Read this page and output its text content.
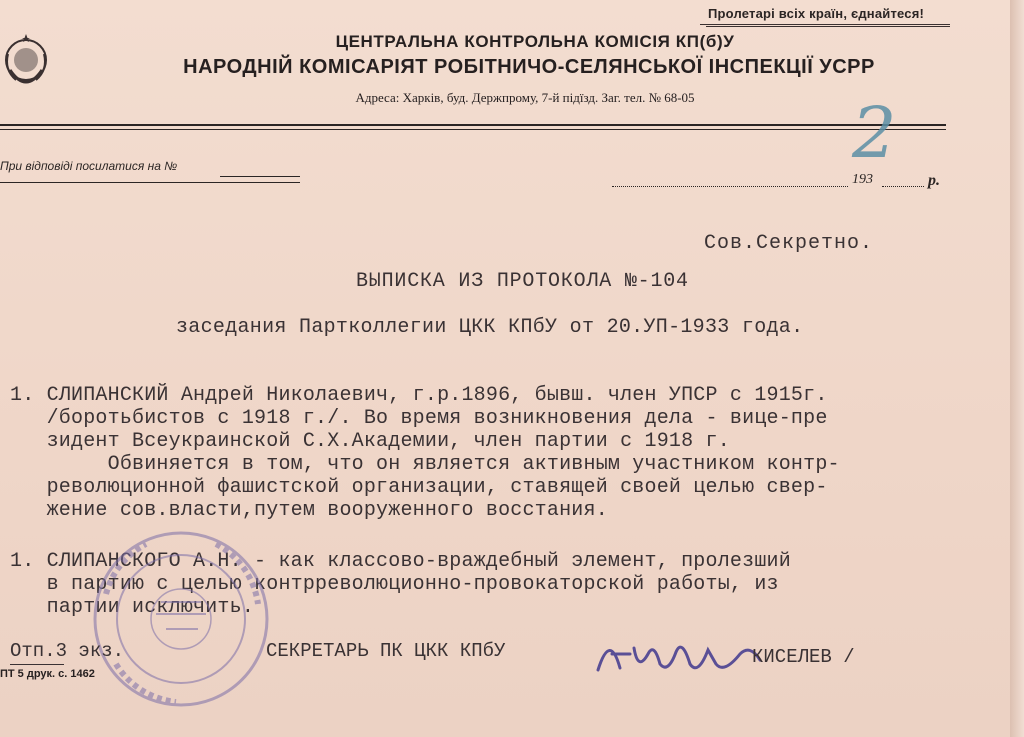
Пролетарі всіх країн, єднайтеся!
ЦЕНТРАЛЬНА КОНТРОЛЬНА КОМІСІЯ КП(б)У
НАРОДНІЙ КОМІСАРІЯТ РОБІТНИЧО-СЕЛЯНСЬКОЇ ІНСПЕКЦІЇ УСРР
Адреса: Харків, буд. Держпрому, 7-й підїзд. Заг. тел. № 68-05	2
При відповіді посилатися на №
193	р.
Сов.Секретно.
ВЫПИСКА ИЗ ПРОТОКОЛА №-104
заседания Партколлегии ЦКК КПбУ от 20.УП-1933 года.
1. СЛИПАНСКИЙ Андрей Николаевич, г.р.1896, бывш. член УПСР с 1915г.
/боротьбистов с 1918 г./. Во время возникновения дела - вице-пре
зидент Всеукраинской С.Х.Академии, член партии с 1918 г.
Обвиняется в том, что он является активным участником контр-
революционной фашистской организации, ставящей своей целью свер-
жение сов.власти,путем вооруженного восстания.
1. СЛИПАНСКОГО А.Н. - как классово-враждебный элемент, пролезший
в партию с целью контрреволюционно-провокаторской работы, из
партии исключить.
Отп.3 экз.	СЕКРЕТАРЬ ПК ЦКК КПбУ	КИСЕЛЕВ /
ПТ 5 друк. с. 1462
